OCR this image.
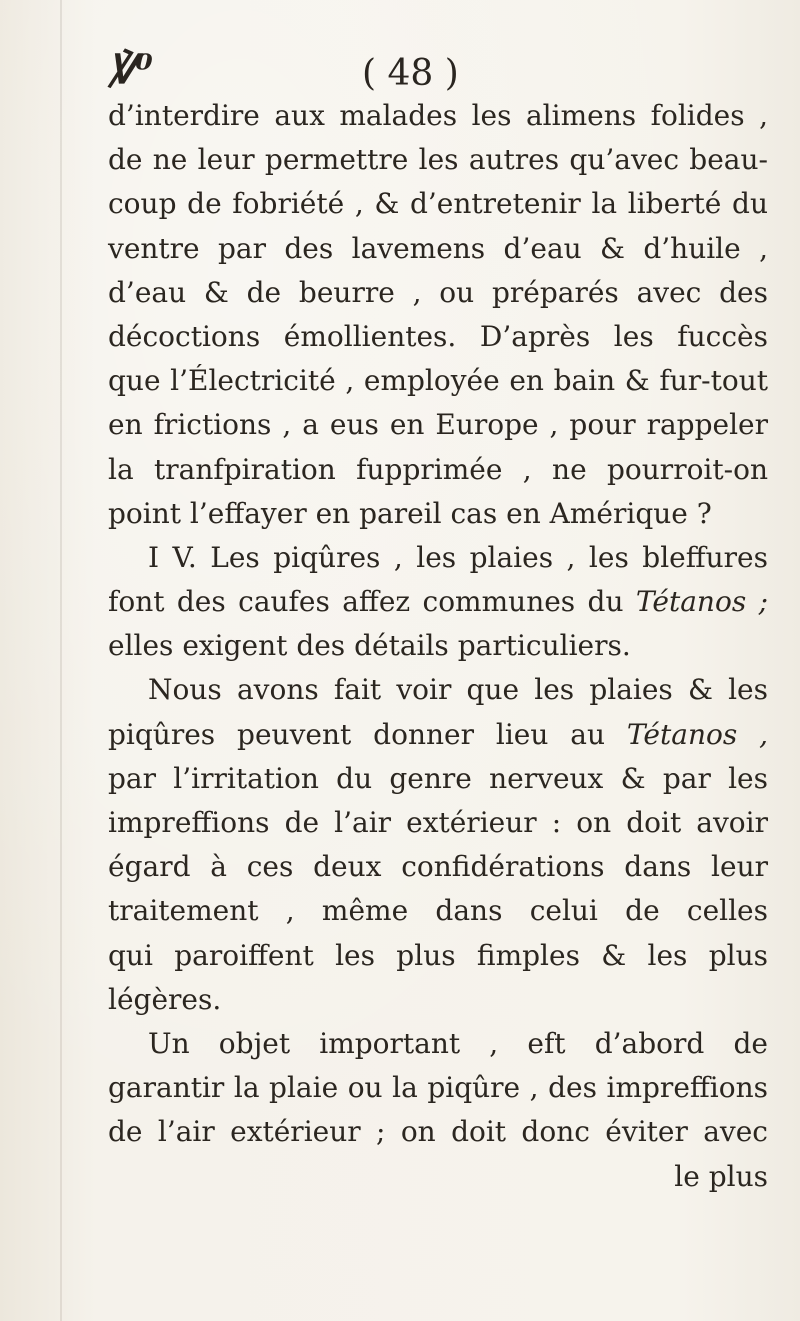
℣⁰	( 48 )
d’interdire aux malades les alimens folides ,
de ne leur permettre les autres qu’avec beau-
coup de fobriété , & d’entretenir la liberté du
ventre par des lavemens d’eau & d’huile ,
d’eau & de beurre , ou préparés avec des
décoctions émollientes. D’après les fuccès
que l’Électricité , employée en bain & fur-tout
en frictions , a eus en Europe , pour rappeler
la tranfpiration fupprimée , ne pourroit-on
point l’effayer en pareil cas en Amérique ?
I V. Les piqûres , les plaies , les bleffures
font des caufes affez communes du Tétanos ;
elles exigent des détails particuliers.
Nous avons fait voir que les plaies & les
piqûres peuvent donner lieu au Tétanos ,
par l’irritation du genre nerveux & par les
impreffions de l’air extérieur : on doit avoir
égard à ces deux confidérations dans leur
traitement , même dans celui de celles
qui paroiffent les plus fimples & les plus
légères.
Un objet important , eft d’abord de
garantir la plaie ou la piqûre , des impreffions
de l’air extérieur ; on doit donc éviter avec
le plus
